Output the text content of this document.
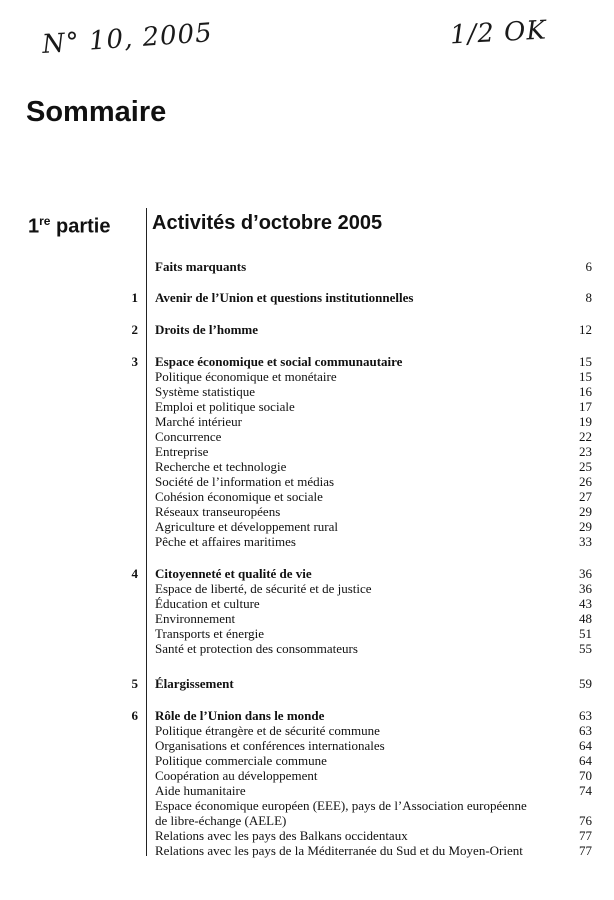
N° 10, 2005	1/2 OK
Sommaire
1re partie Activités d’octobre 2005
Faits marquants	6
1 Avenir de l’Union et questions institutionnelles	8
2 Droits de l’homme	12
3 Espace économique et social communautaire	15
Politique économique et monétaire	15
Système statistique	16
Emploi et politique sociale	17
Marché intérieur	19
Concurrence	22
Entreprise	23
Recherche et technologie	25
Société de l’information et médias	26
Cohésion économique et sociale	27
Réseaux transeuropéens	29
Agriculture et développement rural	29
Pêche et affaires maritimes	33
4 Citoyenneté et qualité de vie	36
Espace de liberté, de sécurité et de justice	36
Éducation et culture	43
Environnement	48
Transports et énergie	51
Santé et protection des consommateurs	55
5 Élargissement	59
6 Rôle de l’Union dans le monde	63
Politique étrangère et de sécurité commune	63
Organisations et conférences internationales	64
Politique commerciale commune	64
Coopération au développement	70
Aide humanitaire	74
Espace économique européen (EEE), pays de l’Association européenne
de libre-échange (AELE)	76
Relations avec les pays des Balkans occidentaux	77
Relations avec les pays de la Méditerranée du Sud et du Moyen-Orient	77
